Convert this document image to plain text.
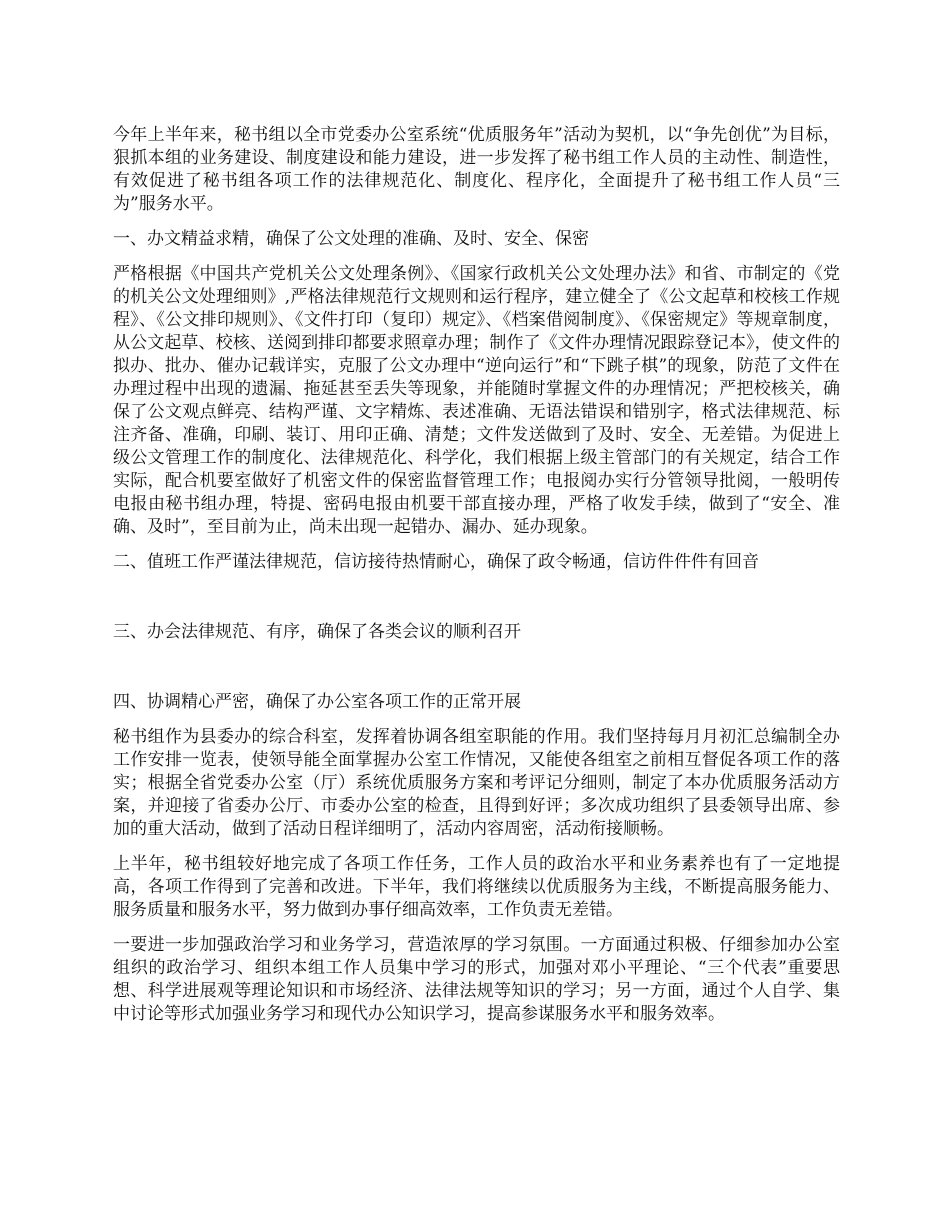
今年上半年来，秘书组以全市党委办公室系统“优质服务年”活动为契机，以“争先创优”为目标，狠抓本组的业务建设、制度建设和能力建设，进一步发挥了秘书组工作人员的主动性、制造性，有效促进了秘书组各项工作的法律规范化、制度化、程序化，全面提升了秘书组工作人员“三为”服务水平。

一、办文精益求精，确保了公文处理的准确、及时、安全、保密

严格根据《中国共产党机关公文处理条例》、《国家行政机关公文处理办法》和省、市制定的《党的机关公文处理细则》,严格法律规范行文规则和运行程序，建立健全了《公文起草和校核工作规程》、《公文排印规则》、《文件打印（复印）规定》、《档案借阅制度》、《保密规定》等规章制度，从公文起草、校核、送阅到排印都要求照章办理；制作了《文件办理情况跟踪登记本》，使文件的拟办、批办、催办记载详实，克服了公文办理中“逆向运行”和“下跳子棋”的现象，防范了文件在办理过程中出现的遗漏、拖延甚至丢失等现象，并能随时掌握文件的办理情况；严把校核关，确保了公文观点鲜亮、结构严谨、文字精炼、表述准确、无语法错误和错别字，格式法律规范、标注齐备、准确，印刷、装订、用印正确、清楚；文件发送做到了及时、安全、无差错。为促进上级公文管理工作的制度化、法律规范化、科学化，我们根据上级主管部门的有关规定，结合工作实际，配合机要室做好了机密文件的保密监督管理工作；电报阅办实行分管领导批阅，一般明传电报由秘书组办理，特提、密码电报由机要干部直接办理，严格了收发手续，做到了“安全、准确、及时”，至目前为止，尚未出现一起错办、漏办、延办现象。

二、值班工作严谨法律规范，信访接待热情耐心，确保了政令畅通，信访件件件有回音

三、办会法律规范、有序，确保了各类会议的顺利召开

四、协调精心严密，确保了办公室各项工作的正常开展

秘书组作为县委办的综合科室，发挥着协调各组室职能的作用。我们坚持每月月初汇总编制全办工作安排一览表，使领导能全面掌握办公室工作情况，又能使各组室之前相互督促各项工作的落实；根据全省党委办公室（厅）系统优质服务方案和考评记分细则，制定了本办优质服务活动方案，并迎接了省委办公厅、市委办公室的检查，且得到好评；多次成功组织了县委领导出席、参加的重大活动，做到了活动日程详细明了，活动内容周密，活动衔接顺畅。

上半年，秘书组较好地完成了各项工作任务，工作人员的政治水平和业务素养也有了一定地提高，各项工作得到了完善和改进。下半年，我们将继续以优质服务为主线，不断提高服务能力、服务质量和服务水平，努力做到办事仔细高效率，工作负责无差错。

一要进一步加强政治学习和业务学习，营造浓厚的学习氛围。一方面通过积极、仔细参加办公室组织的政治学习、组织本组工作人员集中学习的形式，加强对邓小平理论、“三个代表”重要思想、科学进展观等理论知识和市场经济、法律法规等知识的学习；另一方面，通过个人自学、集中讨论等形式加强业务学习和现代办公知识学习，提高参谋服务水平和服务效率。
